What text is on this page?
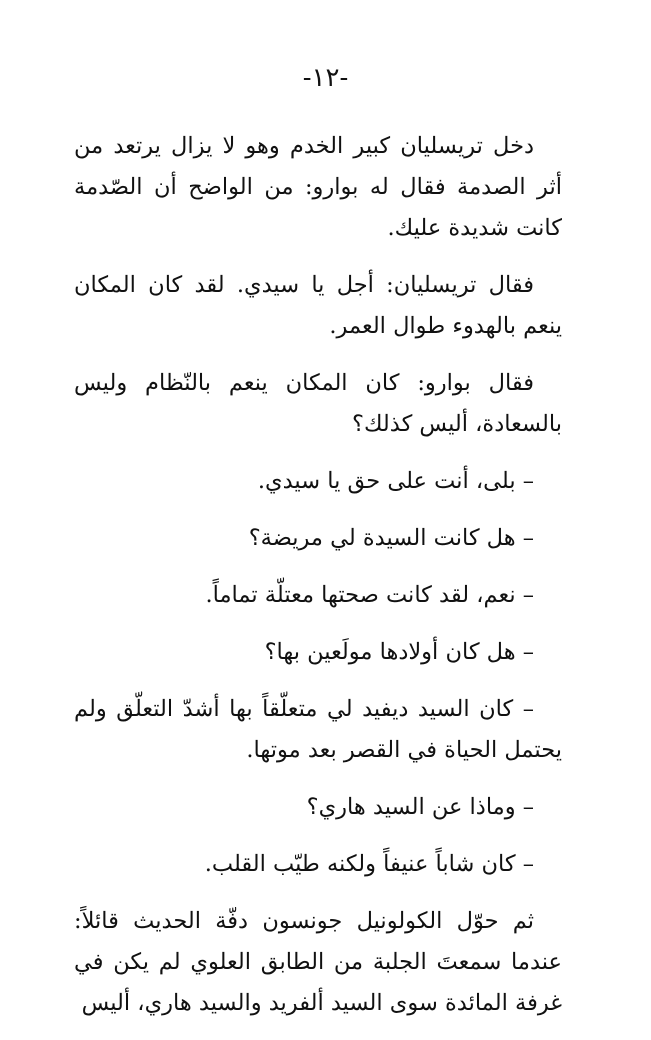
-١٢-

دخل تريسليان كبير الخدم وهو لا يزال يرتعد من أثر الصدمة فقال له بوارو: من الواضح أن الصّدمة كانت شديدة عليك.

فقال تريسليان: أجل يا سيدي. لقد كان المكان ينعم بالهدوء طوال العمر.

فقال بوارو: كان المكان ينعم بالنّظام وليس بالسعادة، أليس كذلك؟

– بلى، أنت على حق يا سيدي.

– هل كانت السيدة لي مريضة؟

– نعم، لقد كانت صحتها معتلّة تماماً.

– هل كان أولادها مولَعين بها؟

– كان السيد ديفيد لي متعلّقاً بها أشدّ التعلّق ولم يحتمل الحياة في القصر بعد موتها.

– وماذا عن السيد هاري؟

– كان شاباً عنيفاً ولكنه طيّب القلب.

ثم حوّل الكولونيل جونسون دفّة الحديث قائلاً: عندما سمعتَ الجلبة من الطابق العلوي لم يكن في غرفة المائدة سوى السيد ألفريد والسيد هاري، أليس
